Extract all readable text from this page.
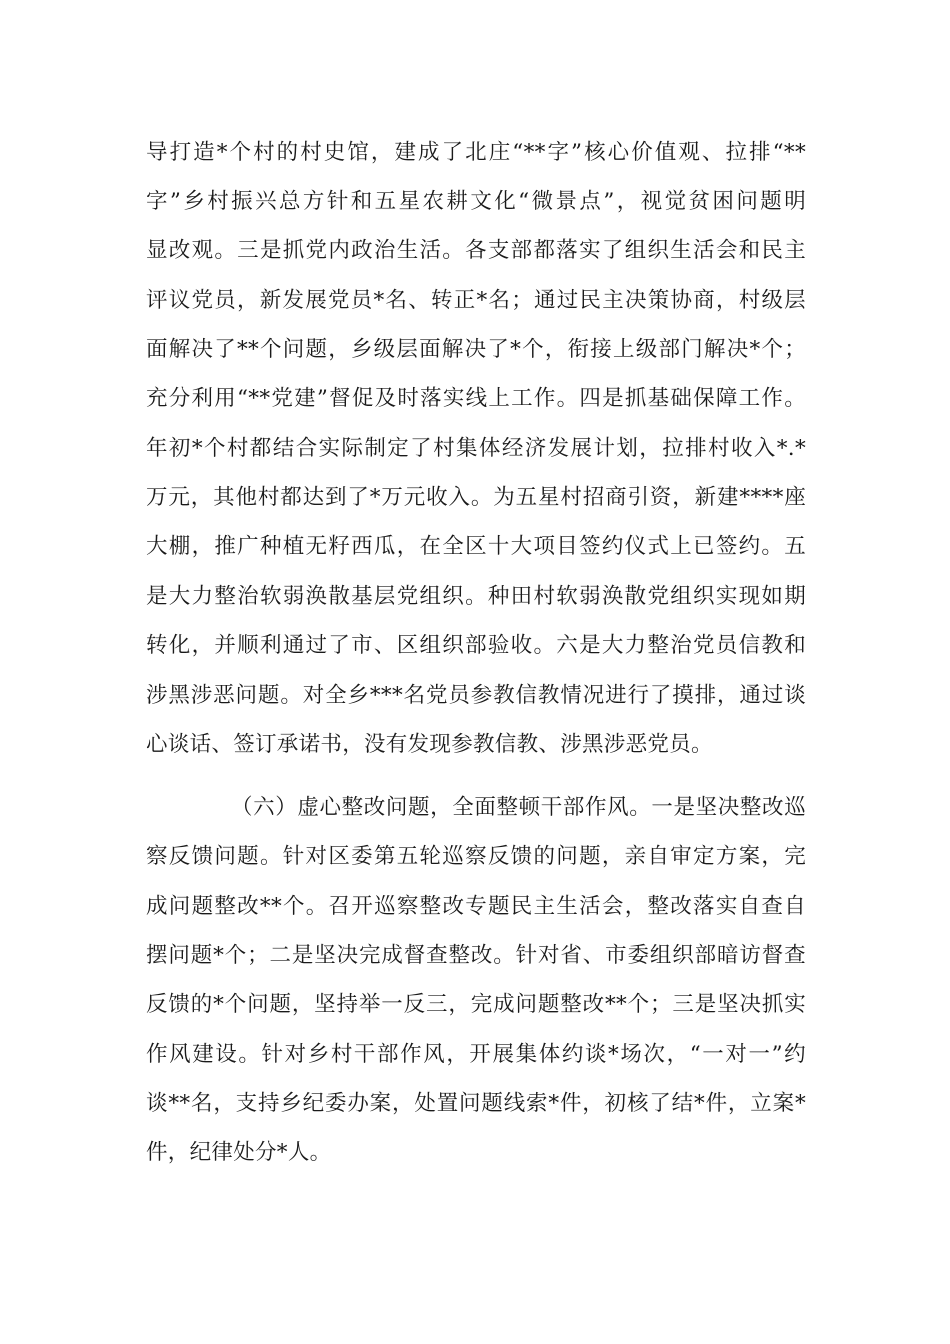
导打造*个村的村史馆，建成了北庄“**字”核心价值观、拉排“**
字”乡村振兴总方针和五星农耕文化“微景点”，视觉贫困问题明
显改观。三是抓党内政治生活。各支部都落实了组织生活会和民主
评议党员，新发展党员*名、转正*名；通过民主决策协商，村级层
面解决了**个问题，乡级层面解决了*个，衔接上级部门解决*个；
充分利用“**党建”督促及时落实线上工作。四是抓基础保障工作。
年初*个村都结合实际制定了村集体经济发展计划，拉排村收入*.*
万元，其他村都达到了*万元收入。为五星村招商引资，新建****座
大棚，推广种植无籽西瓜，在全区十大项目签约仪式上已签约。五
是大力整治软弱涣散基层党组织。种田村软弱涣散党组织实现如期
转化，并顺利通过了市、区组织部验收。六是大力整治党员信教和
涉黑涉恶问题。对全乡***名党员参教信教情况进行了摸排，通过谈
心谈话、签订承诺书，没有发现参教信教、涉黑涉恶党员。
（六）虚心整改问题，全面整顿干部作风。一是坚决整改巡
察反馈问题。针对区委第五轮巡察反馈的问题，亲自审定方案，完
成问题整改**个。召开巡察整改专题民主生活会，整改落实自查自
摆问题*个；二是坚决完成督查整改。针对省、市委组织部暗访督查
反馈的*个问题，坚持举一反三，完成问题整改**个；三是坚决抓实
作风建设。针对乡村干部作风，开展集体约谈*场次，“一对一”约
谈**名，支持乡纪委办案，处置问题线索*件，初核了结*件，立案*
件，纪律处分*人。
